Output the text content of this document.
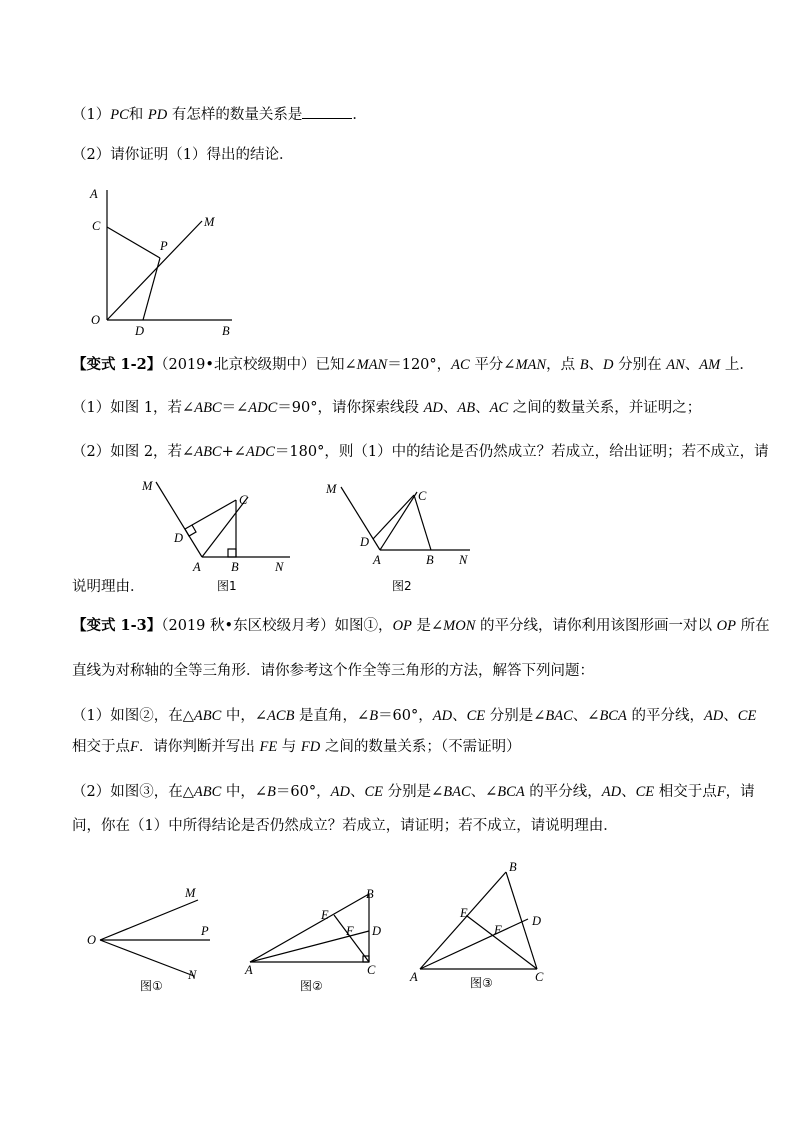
（1）PC和 PD 有怎样的数量关系是	．
（2）请你证明（1）得出的结论．
A
C	M
P
O
D	B
【变式 1-2】（2019•北京校级期中）已知∠MAN＝120°，AC 平分∠MAN，点 B、D 分别在 AN、AM 上．
（1）如图 1，若∠ABC＝∠ADC＝90°，请你探索线段 AD、AB、AC 之间的数量关系，并证明之；
（2）如图 2，若∠ABC+∠ADC＝180°，则（1）中的结论是否仍然成立？若成立，给出证明；若不成立，请
M
C
D
A B	N
图1
M	C
D
A	B N
图2
说明理由．
【变式 1-3】（2019 秋•东区校级月考）如图①，OP 是∠MON 的平分线，请你利用该图形画一对以 OP 所在
直线为对称轴的全等三角形．请你参考这个作全等三角形的方法，解答下列问题：
（1）如图②，在△ABC 中，∠ACB 是直角，∠B＝60°，AD、CE 分别是∠BAC、∠BCA 的平分线，AD、CE
相交于点F．请你判断并写出 FE 与 FD 之间的数量关系；（不需证明）
（2）如图③，在△ABC 中，∠B＝60°，AD、CE 分别是∠BAC、∠BCA 的平分线，AD、CE 相交于点F，请
问，你在（1）中所得结论是否仍然成立？若成立，请证明；若不成立，请说明理由．
M
O
P
N
图①
B
E
F D
A	C
图②
B
E
D
F
A	C
图③
